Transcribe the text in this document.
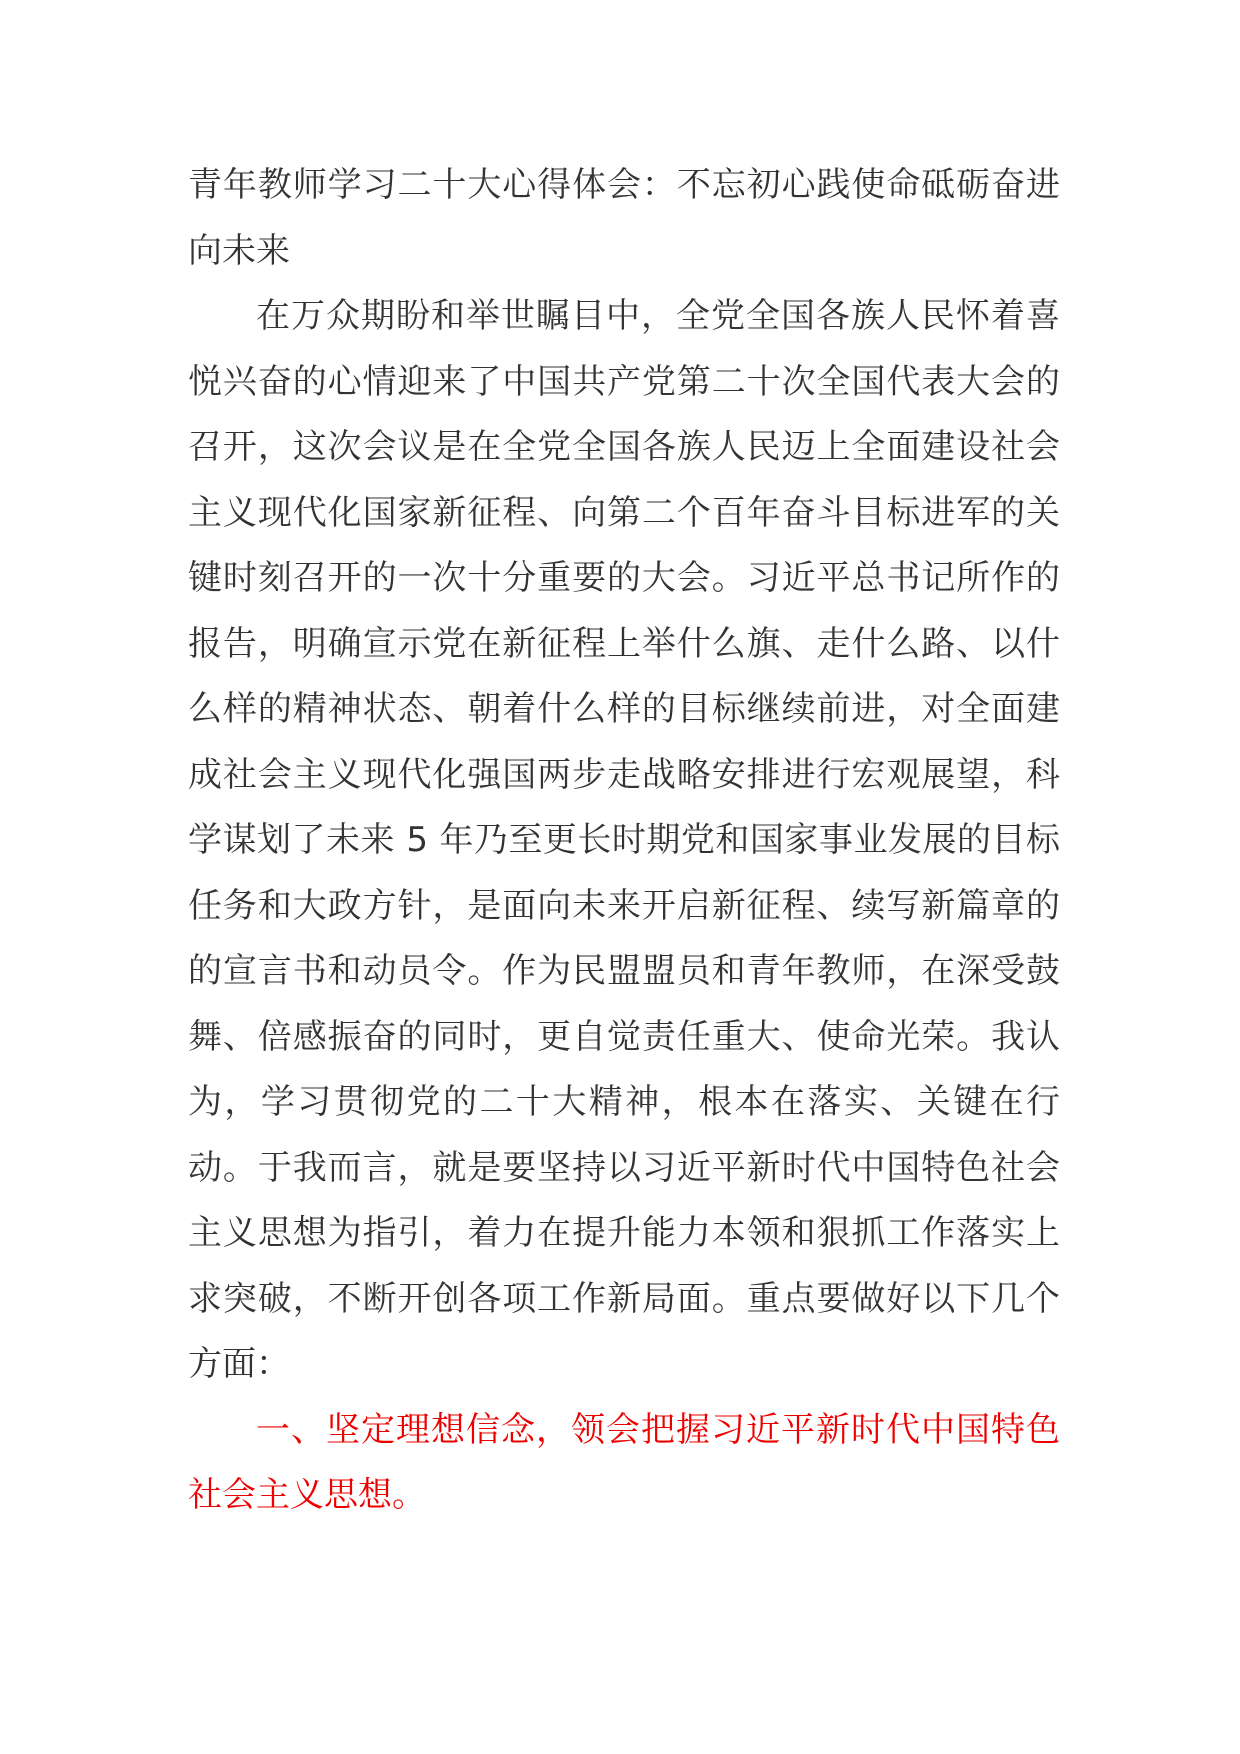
青年教师学习二十大心得体会：不忘初心践使命砥砺奋进向未来

在万众期盼和举世瞩目中，全党全国各族人民怀着喜悦兴奋的心情迎来了中国共产党第二十次全国代表大会的召开，这次会议是在全党全国各族人民迈上全面建设社会主义现代化国家新征程、向第二个百年奋斗目标进军的关键时刻召开的一次十分重要的大会。习近平总书记所作的报告，明确宣示党在新征程上举什么旗、走什么路、以什么样的精神状态、朝着什么样的目标继续前进，对全面建成社会主义现代化强国两步走战略安排进行宏观展望，科学谋划了未来 5 年乃至更长时期党和国家事业发展的目标任务和大政方针，是面向未来开启新征程、续写新篇章的的宣言书和动员令。作为民盟盟员和青年教师，在深受鼓舞、倍感振奋的同时，更自觉责任重大、使命光荣。我认为，学习贯彻党的二十大精神，根本在落实、关键在行动。于我而言，就是要坚持以习近平新时代中国特色社会主义思想为指引，着力在提升能力本领和狠抓工作落实上求突破，不断开创各项工作新局面。重点要做好以下几个方面：

一、坚定理想信念，领会把握习近平新时代中国特色社会主义思想。
